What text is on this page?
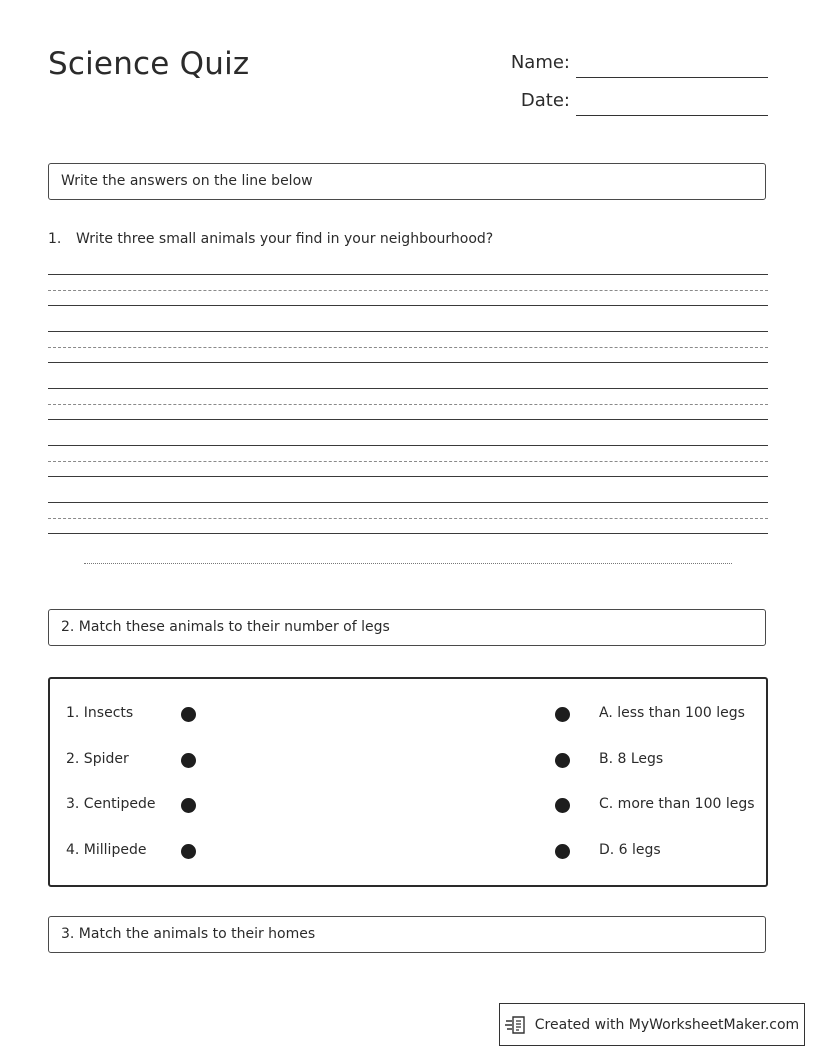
Science Quiz	Name:
Date:
Write the answers on the line below
1. Write three small animals your find in your neighbourhood?
2. Match these animals to their number of legs
1. Insects	A. less than 100 legs
2. Spider	B. 8 Legs
3. Centipede	C. more than 100 legs
4. Millipede	D. 6 legs
3. Match the animals to their homes
Created with MyWorksheetMaker.com
